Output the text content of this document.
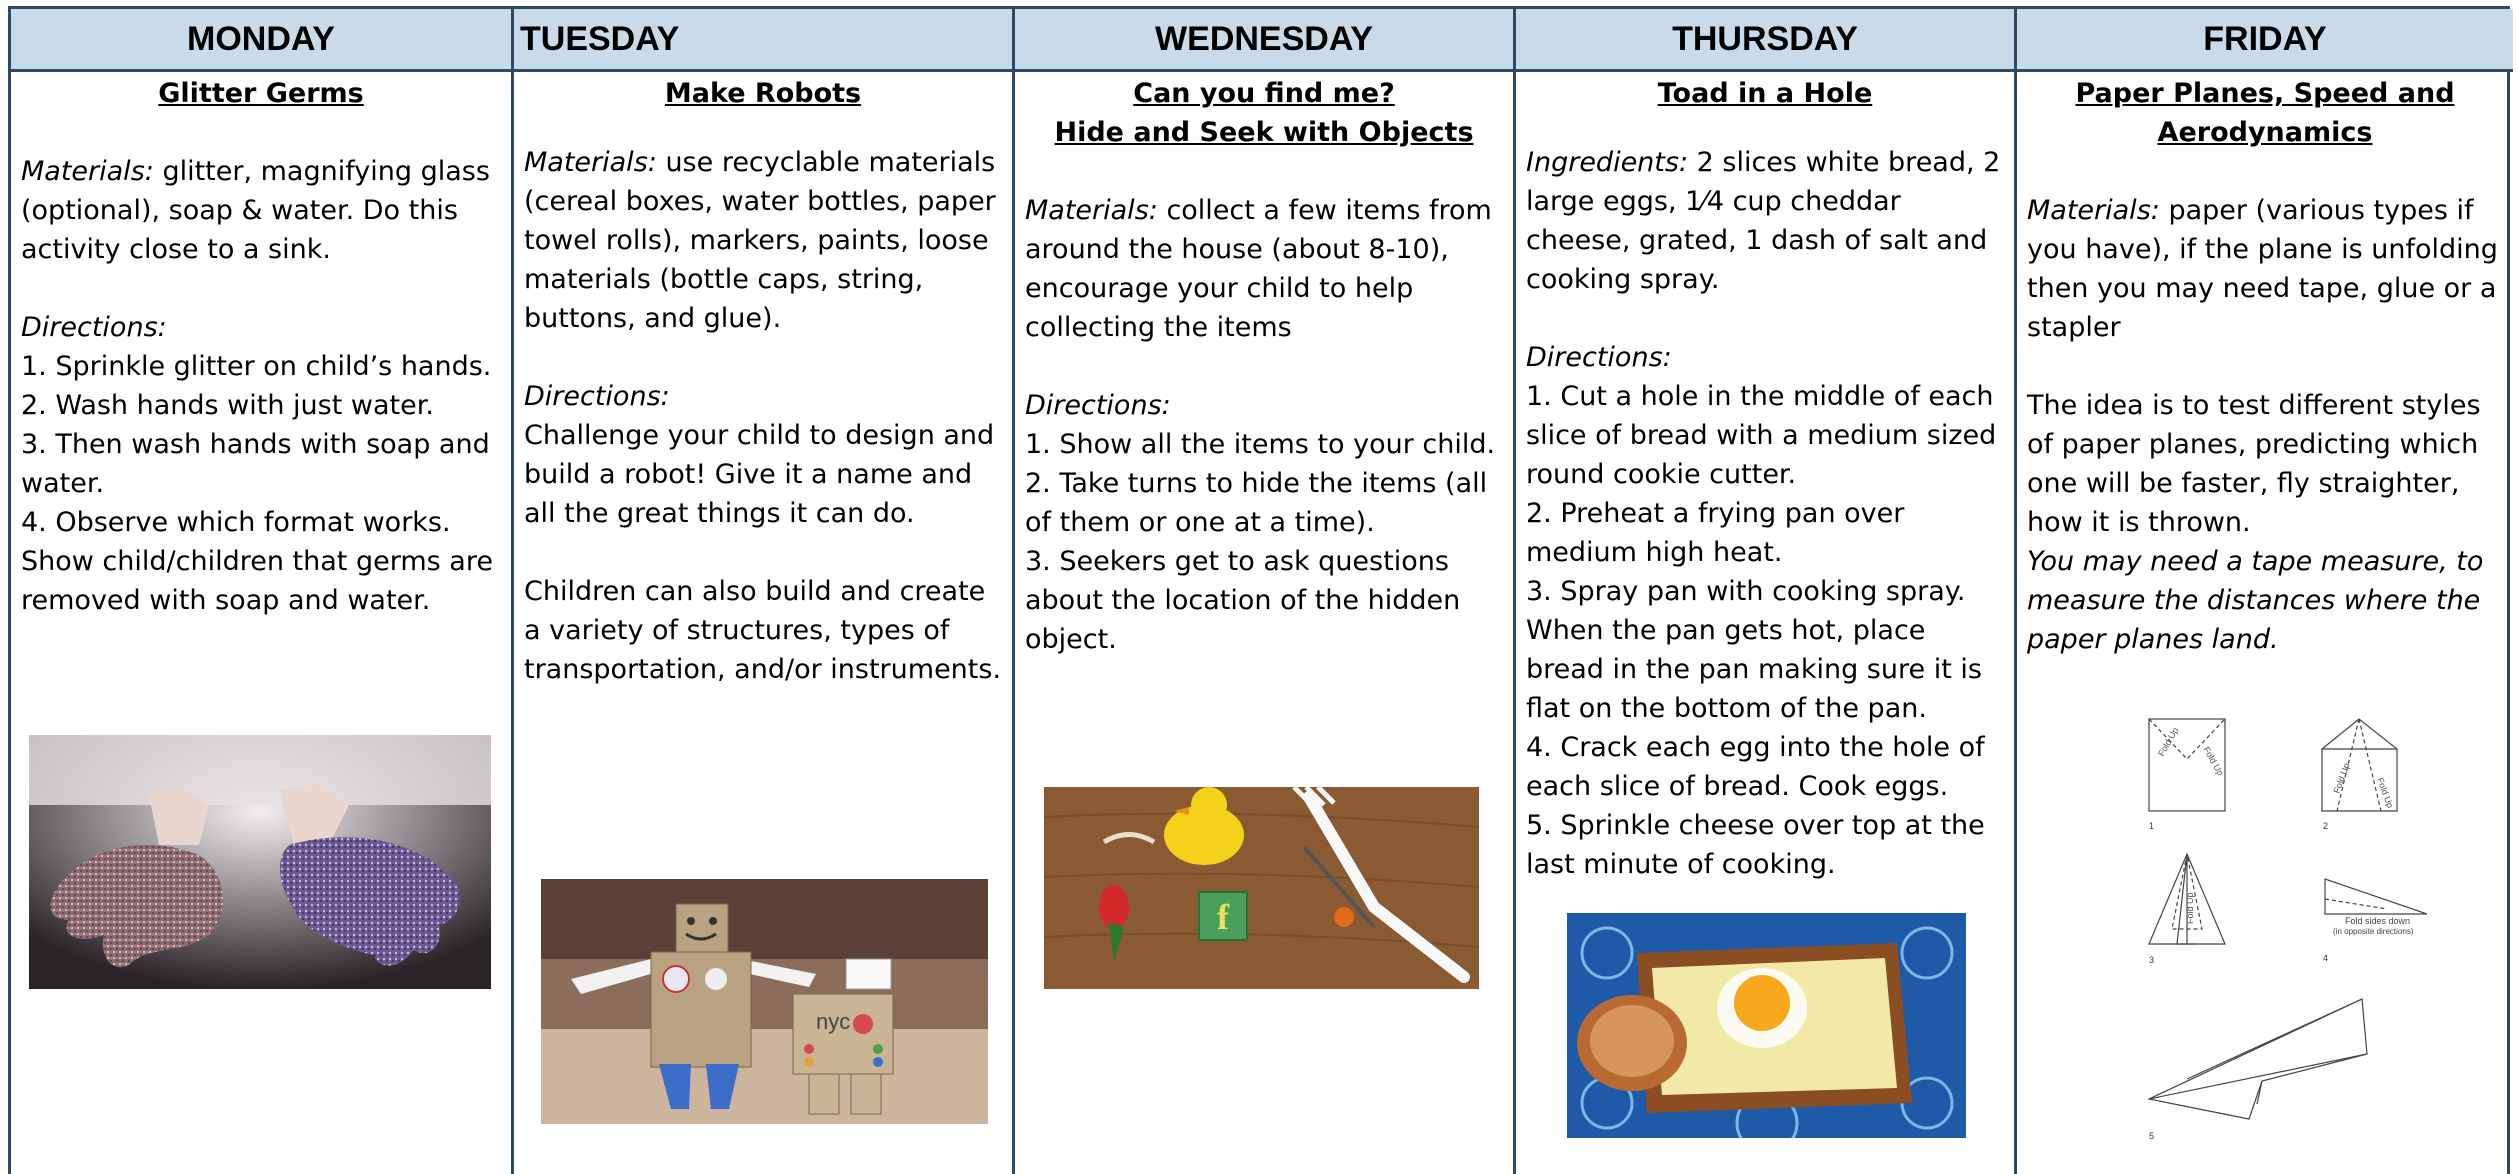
MONDAY
Glitter Germs

Materials: glitter, magnifying glass (optional), soap & water. Do this activity close to a sink.

Directions:

1. Sprinkle glitter on child’s hands.

2. Wash hands with just water.

3. Then wash hands with soap and water.

4. Observe which format works. Show child/children that germs are removed with soap and water.

TUESDAY
Make Robots

Materials: use recyclable materials (cereal boxes, water bottles, paper towel rolls), markers, paints, loose materials (bottle caps, string, buttons, and glue).

Directions:

Challenge your child to design and build a robot! Give it a name and all the great things it can do.

Children can also build and create a variety of structures, types of transportation, and/or instruments.

nyc
WEDNESDAY
Can you find me?
Hide and Seek with Objects

Materials: collect a few items from around the house (about 8-10), encourage your child to help collecting the items

Directions:

1. Show all the items to your child.

2. Take turns to hide the items (all of them or one at a time).

3. Seekers get to ask questions about the location of the hidden object.

f
THURSDAY
Toad in a Hole

Ingredients: 2 slices white bread, 2 large eggs, 1⁄4 cup cheddar cheese, grated, 1 dash of salt and cooking spray.

Directions:

1. Cut a hole in the middle of each slice of bread with a medium sized round cookie cutter.

2. Preheat a frying pan over medium high heat.

3. Spray pan with cooking spray. When the pan gets hot, place bread in the pan making sure it is flat on the bottom of the pan.

4. Crack each egg into the hole of each slice of bread. Cook eggs.

5. Sprinkle cheese over top at the last minute of cooking.

FRIDAY
Paper Planes, Speed and
Aerodynamics

Materials: paper (various types if you have), if the plane is unfolding then you may need tape, glue or a stapler

The idea is to test different styles of paper planes, predicting which one will be faster, fly straighter, how it is thrown.

You may need a tape measure, to measure the distances where the paper planes land.

Fold Up
Fold Up
1
Fold Up	Fold Up
2
Fold Up
3
Fold sides down
(in opposite directions)
4
5
